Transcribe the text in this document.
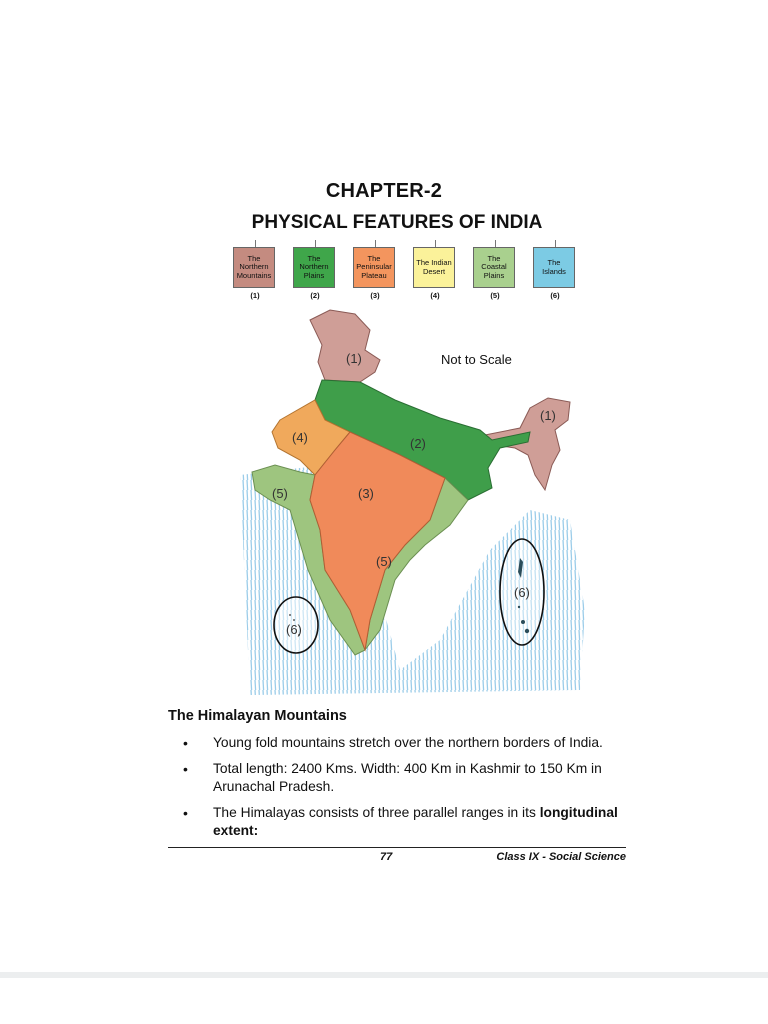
CHAPTER-2
PHYSICAL FEATURES OF INDIA
The Northern Mountains
(1)
The Northern Plains
(2)
The Peninsular Plateau
(3)
The Indian Desert
(4)
The Coastal Plains
(5)
The Islands
(6)
(1)
(1)
(2)
(3)
(4)
(5)
(5)
(6)
(6)
Not to Scale
The Himalayan Mountains
• Young fold mountains stretch over the northern borders of India.
• Total length: 2400 Kms. Width: 400 Km in Kashmir to 150 Km in
Arunachal Pradesh.
• The Himalayas consists of three parallel ranges in its longitudinal
extent:
77	Class IX - Social Science
